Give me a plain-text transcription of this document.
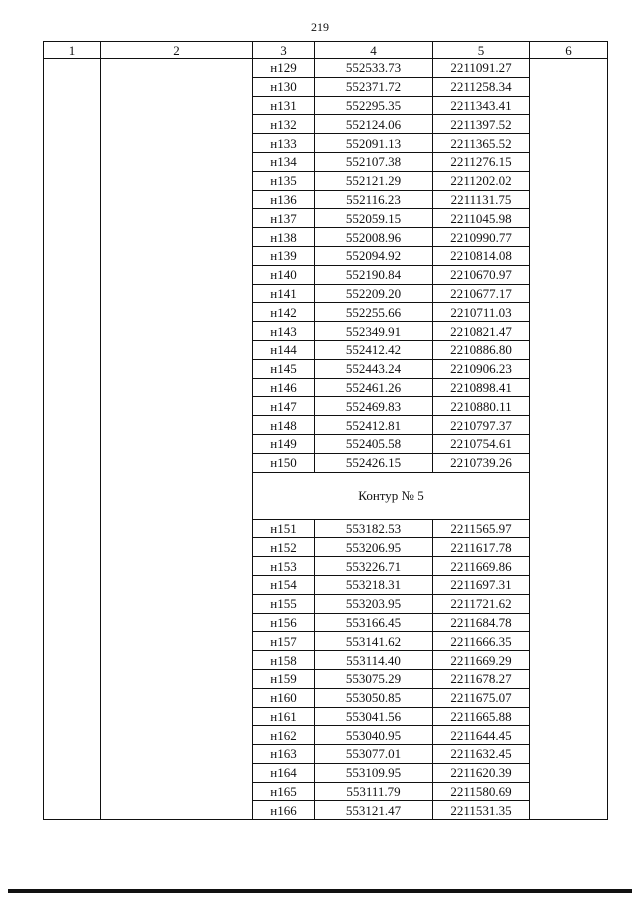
219
1	2	3	4	5	6
		н129	552533.73	2211091.27	
		н130	552371.72	2211258.34	
		н131	552295.35	2211343.41	
		н132	552124.06	2211397.52	
		н133	552091.13	2211365.52	
		н134	552107.38	2211276.15	
		н135	552121.29	2211202.02	
		н136	552116.23	2211131.75	
		н137	552059.15	2211045.98	
		н138	552008.96	2210990.77	
		н139	552094.92	2210814.08	
		н140	552190.84	2210670.97	
		н141	552209.20	2210677.17	
		н142	552255.66	2210711.03	
		н143	552349.91	2210821.47	
		н144	552412.42	2210886.80	
		н145	552443.24	2210906.23	
		н146	552461.26	2210898.41	
		н147	552469.83	2210880.11	
		н148	552412.81	2210797.37	
		н149	552405.58	2210754.61	
		н150	552426.15	2210739.26	
		Контур № 5			
		н151	553182.53	2211565.97	
		н152	553206.95	2211617.78	
		н153	553226.71	2211669.86	
		н154	553218.31	2211697.31	
		н155	553203.95	2211721.62	
		н156	553166.45	2211684.78	
		н157	553141.62	2211666.35	
		н158	553114.40	2211669.29	
		н159	553075.29	2211678.27	
		н160	553050.85	2211675.07	
		н161	553041.56	2211665.88	
		н162	553040.95	2211644.45	
		н163	553077.01	2211632.45	
		н164	553109.95	2211620.39	
		н165	553111.79	2211580.69	
		н166	553121.47	2211531.35	
